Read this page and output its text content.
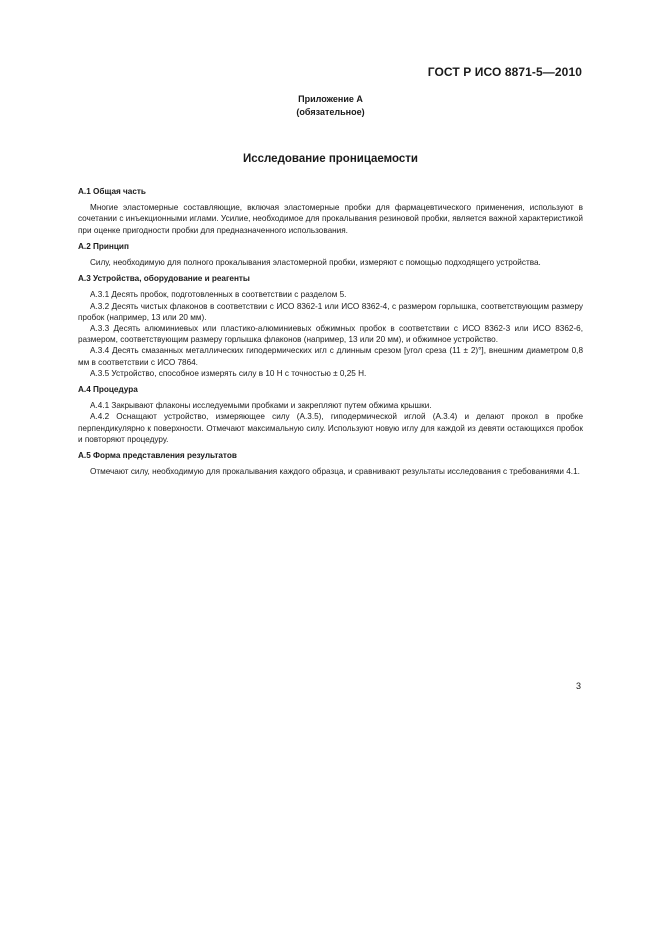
ГОСТ Р ИСО 8871-5—2010
Приложение А
(обязательное)
Исследование проницаемости
А.1 Общая часть

Многие эластомерные составляющие, включая эластомерные пробки для фармацевтического применения, используют в сочетании с инъекционными иглами. Усилие, необходимое для прокалывания резиновой пробки, является важной характеристикой при оценке пригодности пробки для предназначенного использования.

А.2 Принцип

Силу, необходимую для полного прокалывания эластомерной пробки, измеряют с помощью подходящего устройства.

А.3 Устройства, оборудование и реагенты

А.3.1 Десять пробок, подготовленных в соответствии с разделом 5.

А.3.2 Десять чистых флаконов в соответствии с ИСО 8362-1 или ИСО 8362-4, с размером горлышка, соответствующим размеру пробок (например, 13 или 20 мм).

А.3.3 Десять алюминиевых или пластико-алюминиевых обжимных пробок в соответствии с ИСО 8362-3 или ИСО 8362-6, размером, соответствующим размеру горлышка флаконов (например, 13 или 20 мм), и обжимное устройство.

А.3.4 Десять смазанных металлических гиподермических игл с длинным срезом [угол среза (11 ± 2)°], внешним диаметром 0,8 мм в соответствии с ИСО 7864.

А.3.5 Устройство, способное измерять силу в 10 Н с точностью ± 0,25 Н.

А.4 Процедура

А.4.1 Закрывают флаконы исследуемыми пробками и закрепляют путем обжима крышки.

А.4.2 Оснащают устройство, измеряющее силу (А.3.5), гиподермической иглой (А.3.4) и делают прокол в пробке перпендикулярно к поверхности. Отмечают максимальную силу. Используют новую иглу для каждой из девяти остающихся пробок и повторяют процедуру.

А.5 Форма представления результатов

Отмечают силу, необходимую для прокалывания каждого образца, и сравнивают результаты исследования с требованиями 4.1.

3
